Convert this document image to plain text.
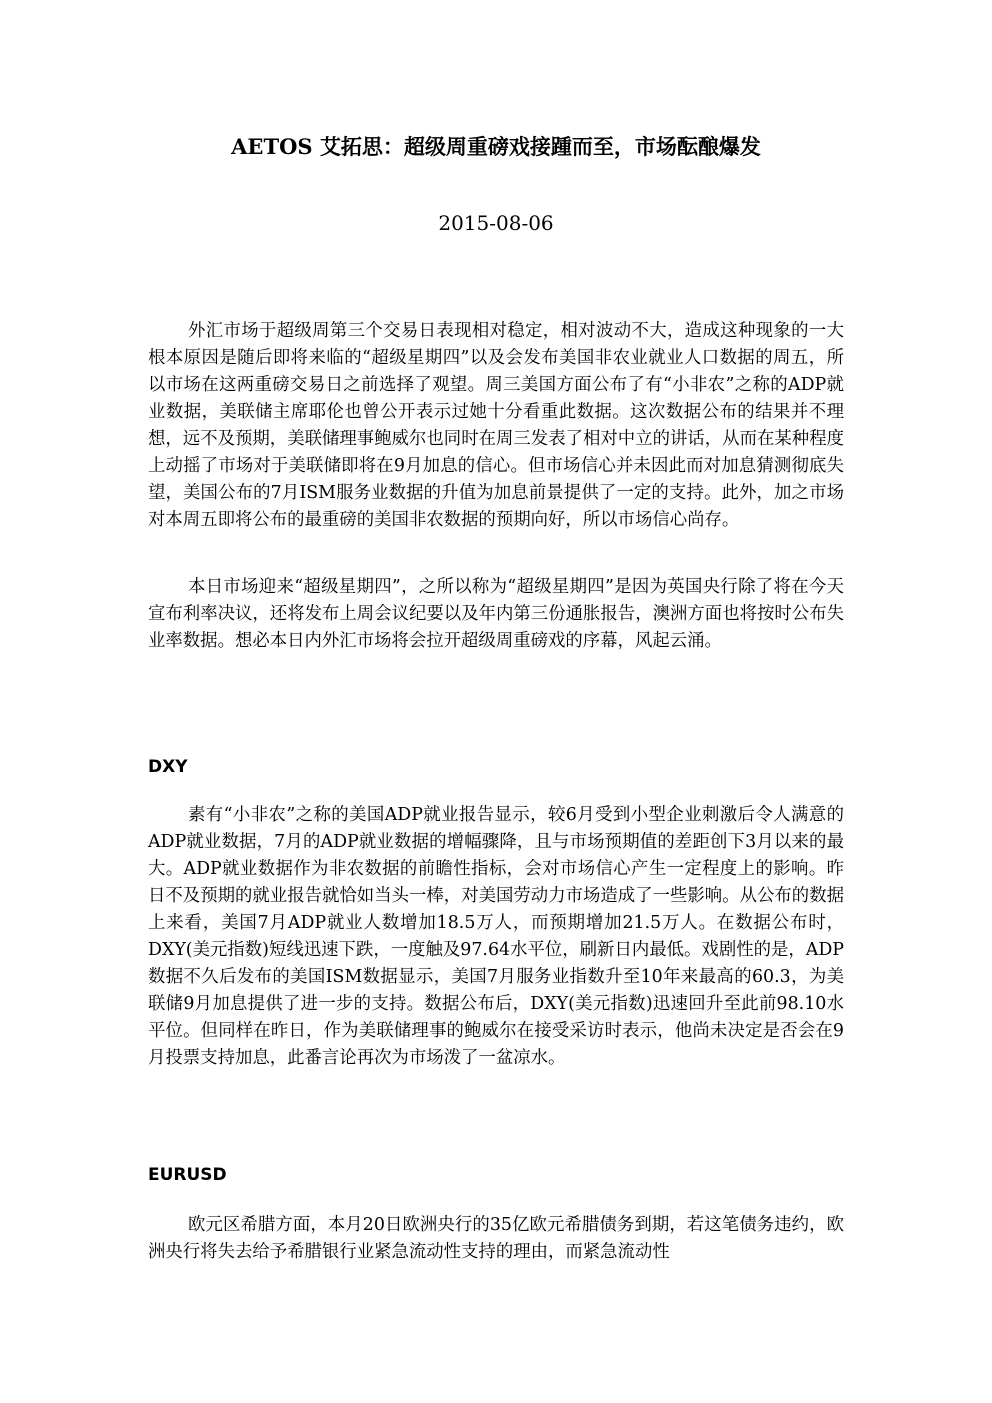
AETOS 艾拓思：超级周重磅戏接踵而至，市场酝酿爆发
2015-08-06

外汇市场于超级周第三个交易日表现相对稳定，相对波动不大，造成这种现象的一大根本原因是随后即将来临的“超级星期四”以及会发布美国非农业就业人口数据的周五，所以市场在这两重磅交易日之前选择了观望。周三美国方面公布了有“小非农”之称的ADP就业数据，美联储主席耶伦也曾公开表示过她十分看重此数据。这次数据公布的结果并不理想，远不及预期，美联储理事鲍威尔也同时在周三发表了相对中立的讲话，从而在某种程度上动摇了市场对于美联储即将在9月加息的信心。但市场信心并未因此而对加息猜测彻底失望，美国公布的7月ISM服务业数据的升值为加息前景提供了一定的支持。此外，加之市场对本周五即将公布的最重磅的美国非农数据的预期向好，所以市场信心尚存。

本日市场迎来“超级星期四”，之所以称为“超级星期四”是因为英国央行除了将在今天宣布利率决议，还将发布上周会议纪要以及年内第三份通胀报告，澳洲方面也将按时公布失业率数据。想必本日内外汇市场将会拉开超级周重磅戏的序幕，风起云涌。

DXY

素有“小非农”之称的美国ADP就业报告显示，较6月受到小型企业刺激后令人满意的ADP就业数据，7月的ADP就业数据的增幅骤降，且与市场预期值的差距创下3月以来的最大。ADP就业数据作为非农数据的前瞻性指标，会对市场信心产生一定程度上的影响。昨日不及预期的就业报告就恰如当头一棒，对美国劳动力市场造成了一些影响。从公布的数据上来看，美国7月ADP就业人数增加18.5万人，而预期增加21.5万人。在数据公布时，DXY(美元指数)短线迅速下跌，一度触及97.64水平位，刷新日内最低。戏剧性的是，ADP数据不久后发布的美国ISM数据显示，美国7月服务业指数升至10年来最高的60.3，为美联储9月加息提供了进一步的支持。数据公布后，DXY(美元指数)迅速回升至此前98.10水平位。但同样在昨日，作为美联储理事的鲍威尔在接受采访时表示，他尚未决定是否会在9月投票支持加息，此番言论再次为市场泼了一盆凉水。

EURUSD

欧元区希腊方面，本月20日欧洲央行的35亿欧元希腊债务到期，若这笔债务违约，欧洲央行将失去给予希腊银行业紧急流动性支持的理由，而紧急流动性
